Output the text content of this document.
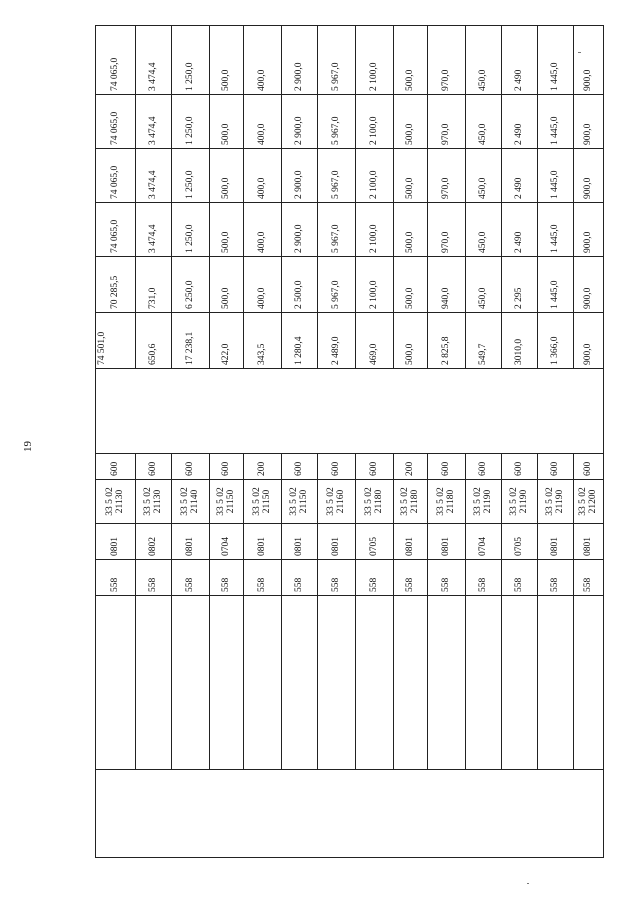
19
		558	0801	33 5 02 21130	600		74 501,0	70 285,5	74 065,0	74 065,0	74 065,0	74 065,0	
		558	0802	33 5 02 21130	600		650,6	731,0	3 474,4	3 474,4	3 474,4	3 474,4	
		558	0801	33 5 02 21140	600		17 238,1	6 250,0	1 250,0	1 250,0	1 250,0	1 250,0	
		558	0704	33 5 02 21150	600		422,0	500,0	500,0	500,0	500,0	500,0	
		558	0801	33 5 02 21150	200		343,5	400,0	400,0	400,0	400,0	400,0	
		558	0801	33 5 02 21150	600		1 280,4	2 500,0	2 900,0	2 900,0	2 900,0	2 900,0	
		558	0801	33 5 02 21160	600		2 489,0	5 967,0	5 967,0	5 967,0	5 967,0	5 967,0	
		558	0705	33 5 02 21180	600		469,0	2 100,0	2 100,0	2 100,0	2 100,0	2 100,0	
		558	0801	33 5 02 21180	200		500,0	500,0	500,0	500,0	500,0	500,0	
		558	0801	33 5 02 21180	600		2 825,8	940,0	970,0	970,0	970,0	970,0	
		558	0704	33 5 02 21190	600		549,7	450,0	450,0	450,0	450,0	450,0	
		558	0705	33 5 02 21190	600		3010,0	2 295	2 490	2 490	2 490	2 490	
		558	0801	33 5 02 21190	600		1 366,0	1 445,0	1 445,0	1 445,0	1 445,0	1 445,0	
		558	0801	33 5 02 21200	600		900,0	900,0	900,0	900,0	900,0	900,0	
